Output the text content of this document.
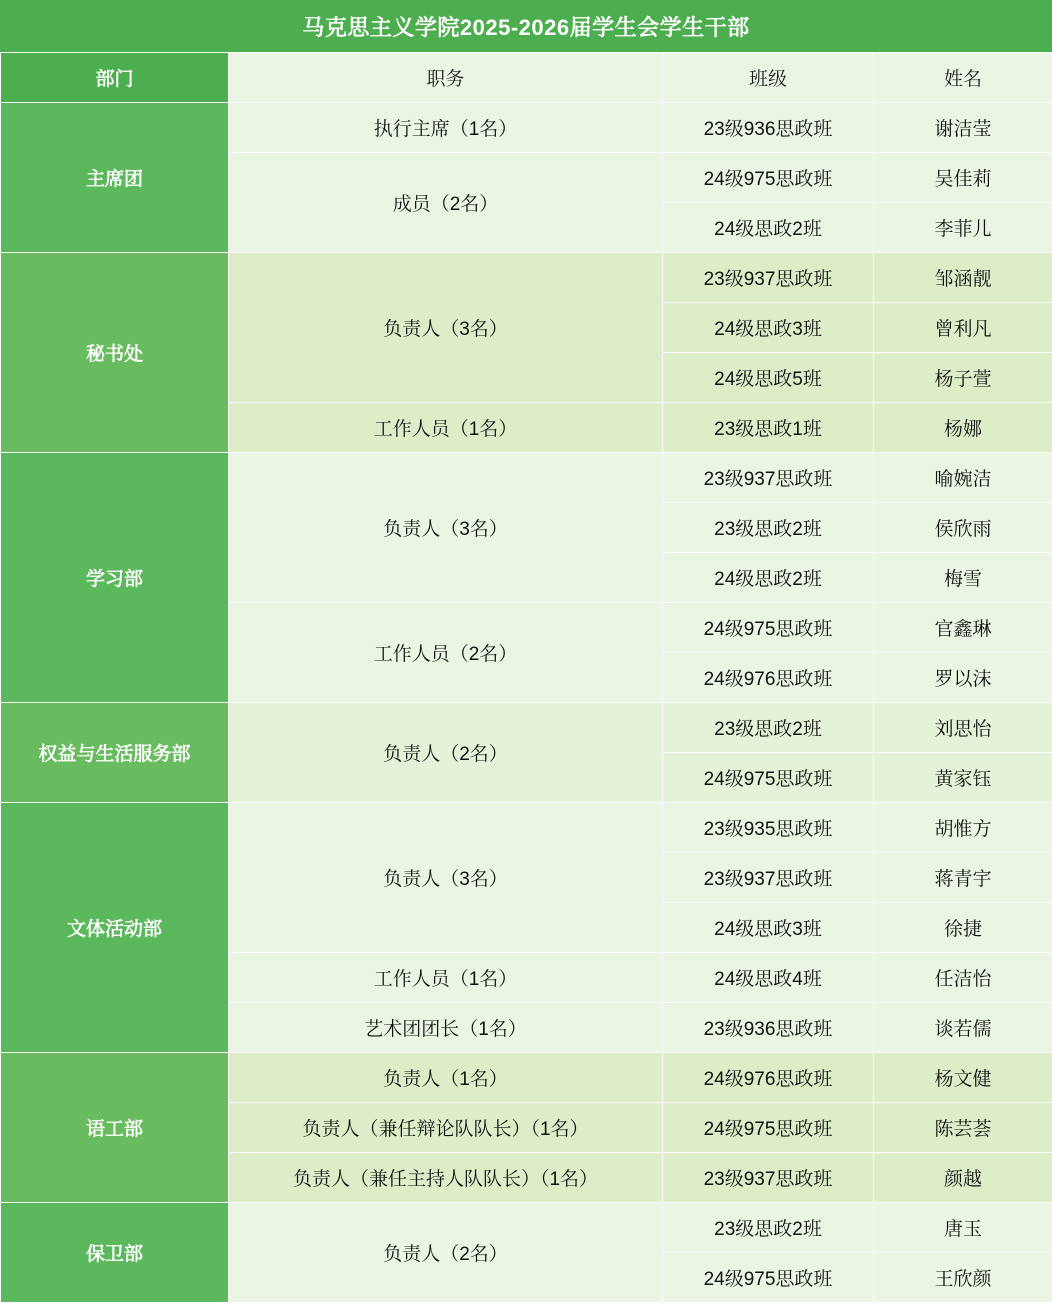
马克思主义学院2025-2026届学生会学生干部
部门	职务	班级	姓名
主席团	执行主席（1名）	23级936思政班	谢洁莹
	成员（2名）	24级975思政班	吴佳莉
		24级思政2班	李菲儿
秘书处	负责人（3名）	23级937思政班	邹涵靓
		24级思政3班	曾利凡
		24级思政5班	杨子萱
	工作人员（1名）	23级思政1班	杨娜
学习部	负责人（3名）	23级937思政班	喻婉洁
		23级思政2班	侯欣雨
		24级思政2班	梅雪
	工作人员（2名）	24级975思政班	官鑫琳
		24级976思政班	罗以沫
权益与生活服务部	负责人（2名）	23级思政2班	刘思怡
		24级975思政班	黄家钰
文体活动部	负责人（3名）	23级935思政班	胡惟方
		23级937思政班	蒋青宇
		24级思政3班	徐捷
	工作人员（1名）	24级思政4班	任洁怡
	艺术团团长（1名）	23级936思政班	谈若儒
语工部	负责人（1名）	24级976思政班	杨文健
	负责人（兼任辩论队队长）（1名）	24级975思政班	陈芸荟
	负责人（兼任主持人队队长）（1名）	23级937思政班	颜越
保卫部	负责人（2名）	23级思政2班	唐玉
		24级975思政班	王欣颜
